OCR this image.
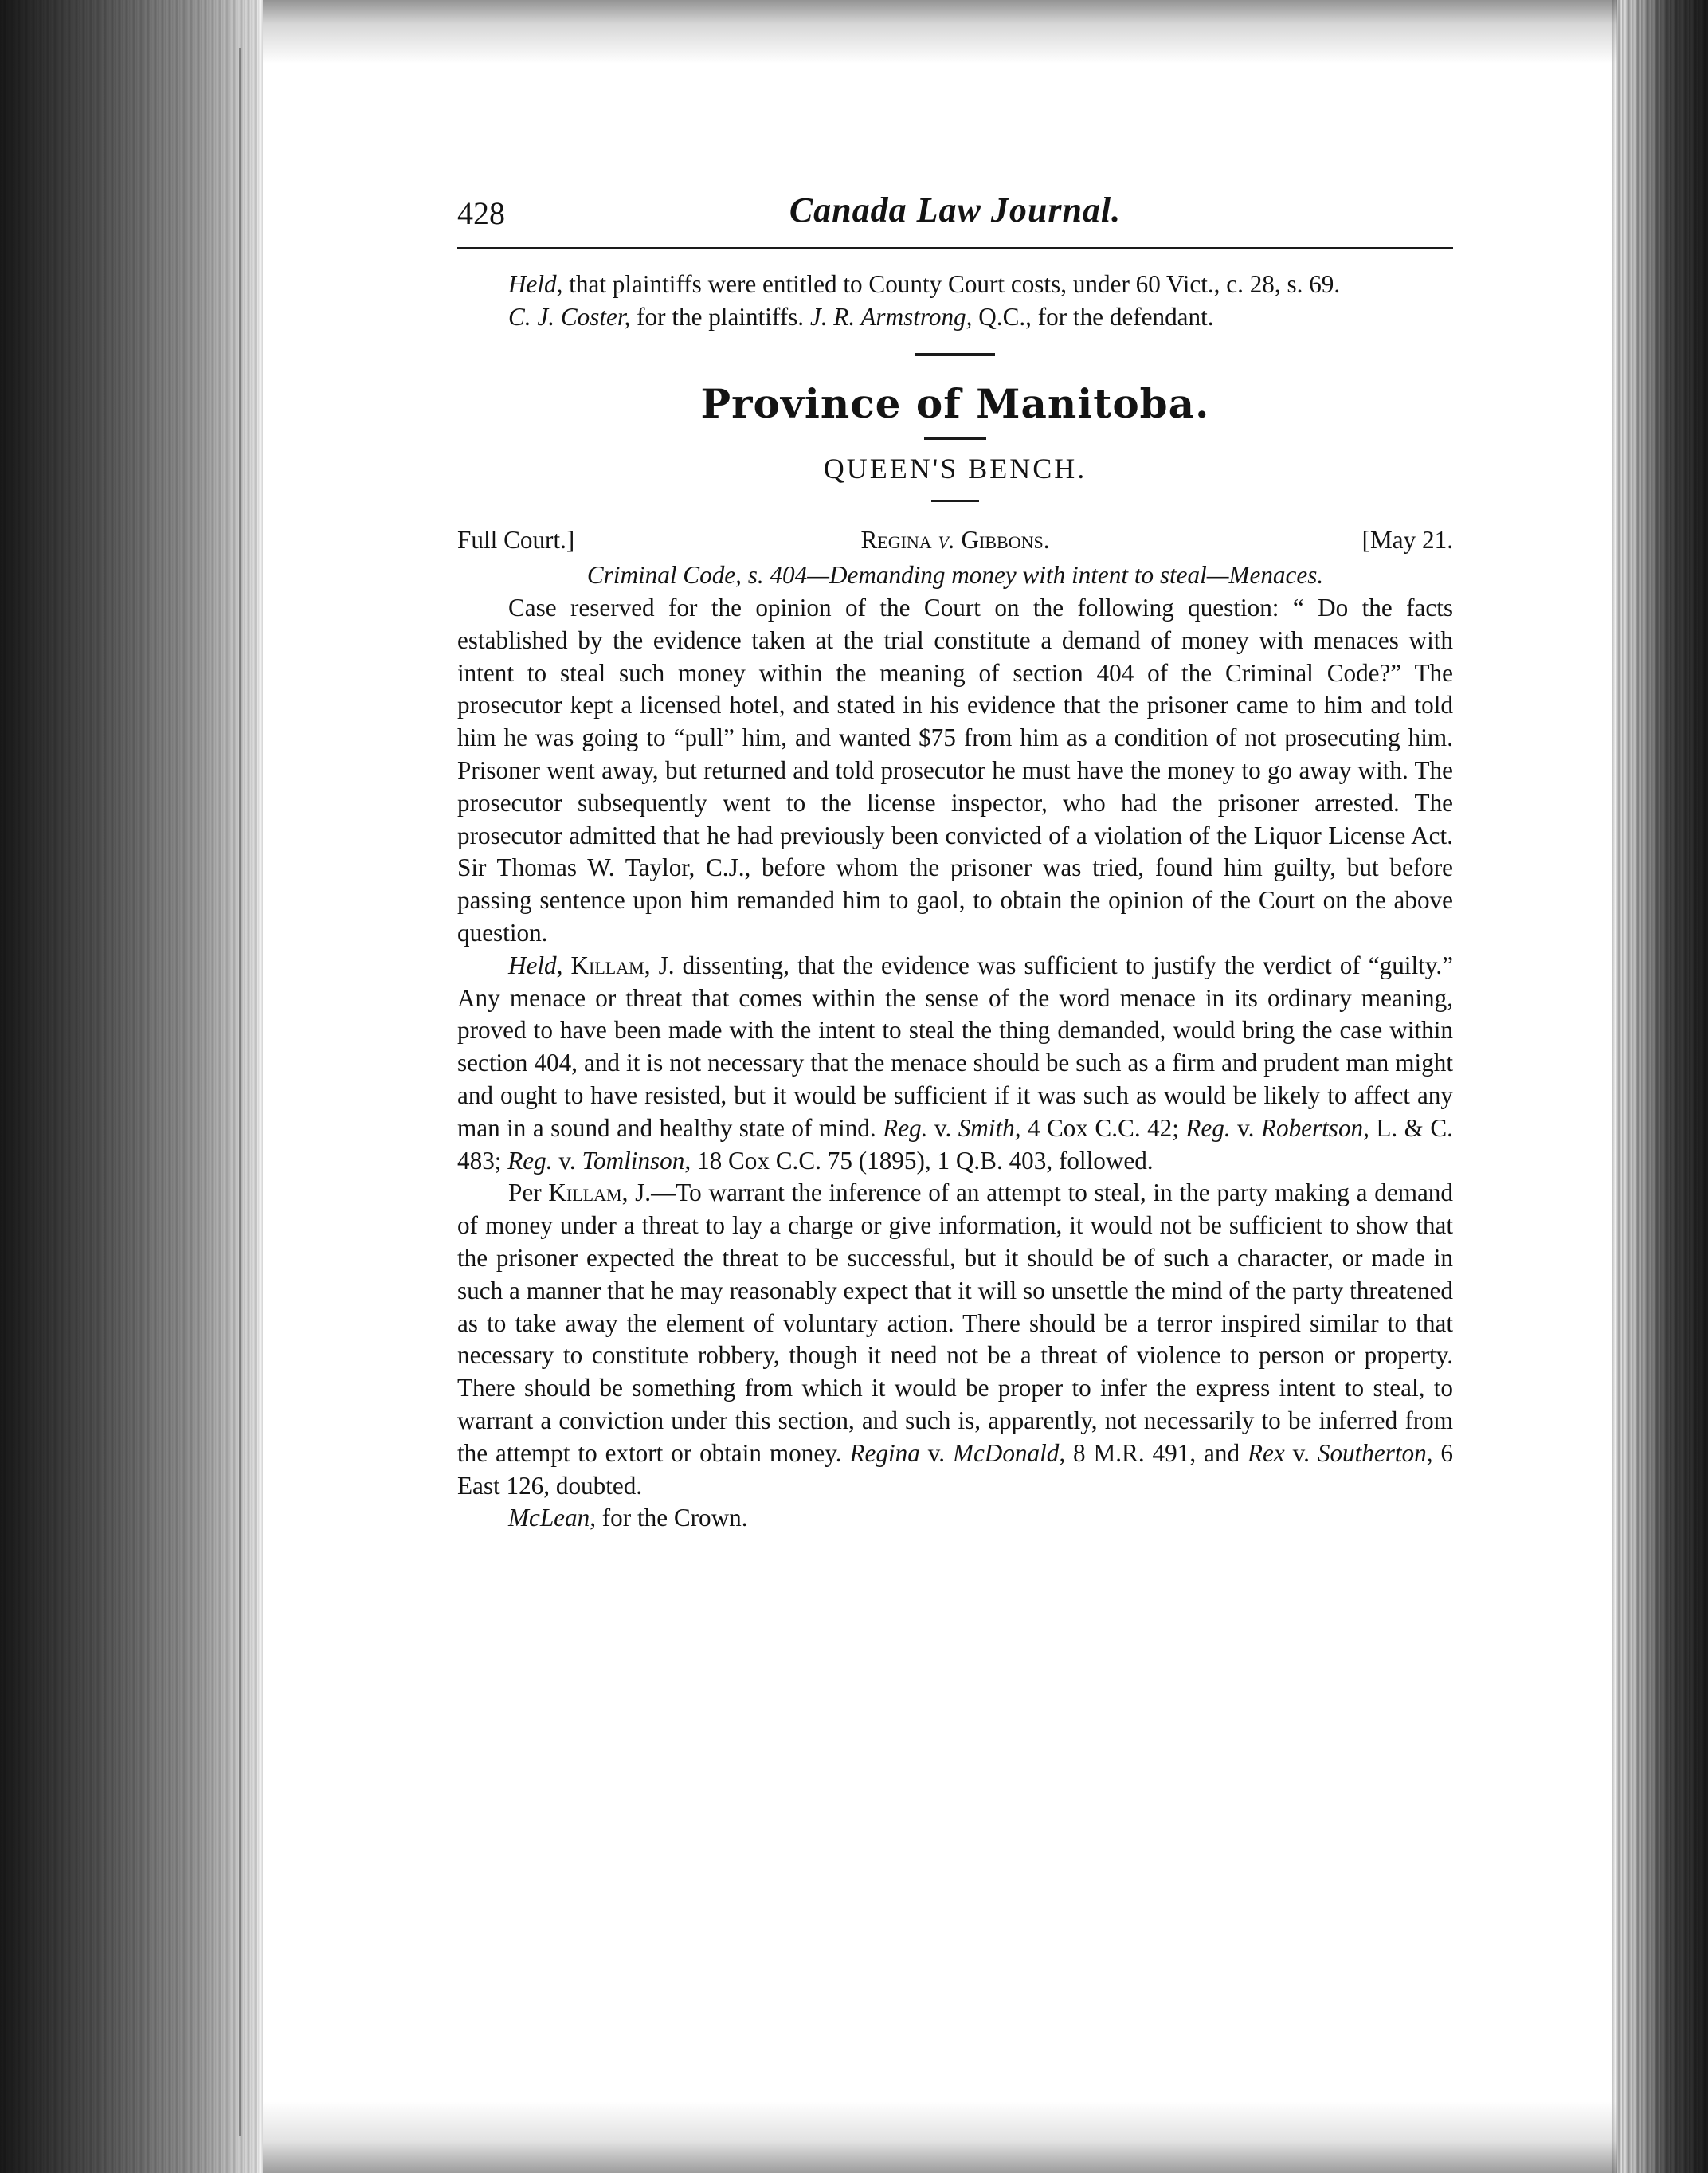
428	Canada Law Journal.

Held, that plaintiffs were entitled to County Court costs, under 60 Vict., c. 28, s. 69.

C. J. Coster, for the plaintiffs. J. R. Armstrong, Q.C., for the defendant.

Province of Manitoba.
QUEEN'S BENCH.
Full Court.]	Regina v. Gibbons.	[May 21.

Criminal Code, s. 404—Demanding money with intent to steal—Menaces.

Case reserved for the opinion of the Court on the following question: “ Do the facts established by the evidence taken at the trial constitute a demand of money with menaces with intent to steal such money within the meaning of section 404 of the Criminal Code?” The prosecutor kept a licensed hotel, and stated in his evidence that the prisoner came to him and told him he was going to “pull” him, and wanted $75 from him as a condition of not prosecuting him. Prisoner went away, but returned and told prosecutor he must have the money to go away with. The prosecutor subsequently went to the license inspector, who had the prisoner arrested. The prosecutor admitted that he had previously been convicted of a violation of the Liquor License Act. Sir Thomas W. Taylor, C.J., before whom the prisoner was tried, found him guilty, but before passing sentence upon him remanded him to gaol, to obtain the opinion of the Court on the above question.

Held, Killam, J. dissenting, that the evidence was sufficient to justify the verdict of “guilty.” Any menace or threat that comes within the sense of the word menace in its ordinary meaning, proved to have been made with the intent to steal the thing demanded, would bring the case within section 404, and it is not necessary that the menace should be such as a firm and prudent man might and ought to have resisted, but it would be sufficient if it was such as would be likely to affect any man in a sound and healthy state of mind. Reg. v. Smith, 4 Cox C.C. 42; Reg. v. Robertson, L. & C. 483; Reg. v. Tomlinson, 18 Cox C.C. 75 (1895), 1 Q.B. 403, followed.

Per Killam, J.—To warrant the inference of an attempt to steal, in the party making a demand of money under a threat to lay a charge or give information, it would not be sufficient to show that the prisoner expected the threat to be successful, but it should be of such a character, or made in such a manner that he may reasonably expect that it will so unsettle the mind of the party threatened as to take away the element of voluntary action. There should be a terror inspired similar to that necessary to constitute robbery, though it need not be a threat of violence to person or property. There should be something from which it would be proper to infer the express intent to steal, to warrant a conviction under this section, and such is, apparently, not necessarily to be inferred from the attempt to extort or obtain money. Regina v. McDonald, 8 M.R. 491, and Rex v. Southerton, 6 East 126, doubted.

McLean, for the Crown.
